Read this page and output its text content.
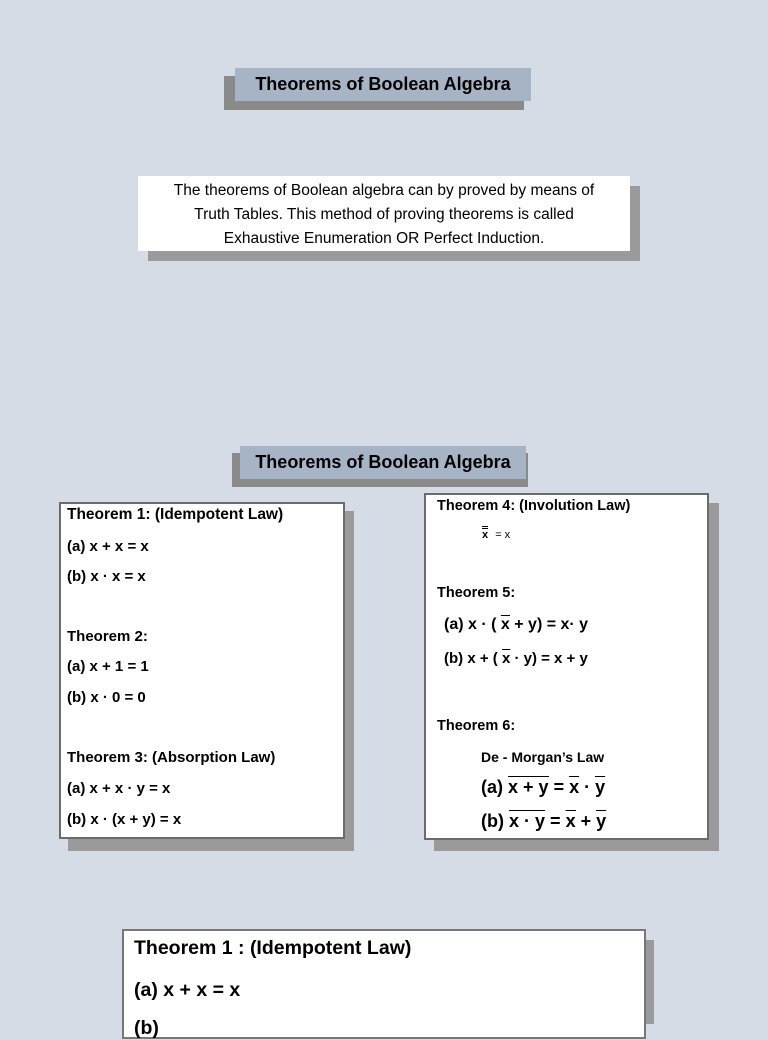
Theorems of Boolean Algebra
The theorems of Boolean algebra can by proved by means of
Truth Tables. This method of proving theorems is called
Exhaustive Enumeration OR Perfect Induction.
Theorems of Boolean Algebra
Theorem 1: (Idempotent Law)
(a) x + x = x
(b) x · x = x
Theorem 2:
(a) x + 1 = 1
(b) x · 0 = 0
Theorem 3: (Absorption Law)
(a) x + x · y = x
(b) x · (x + y) = x
Theorem 4: (Involution Law)
x = x
Theorem 5:
(a) x · ( $\overline{x} + y) = x\cdot y$
(b) x + ( $\overline{x} \cdot y) = x + y$
Theorem 6:
De - Morgan’s Law
(a) $x + y = \overline{x} \cdot \overline{y}$
(b) $x \cdot y = \overline{x} + \overline{y}$
Theorem 1 : (Idempotent Law)
(a) x + x = x
(b)
